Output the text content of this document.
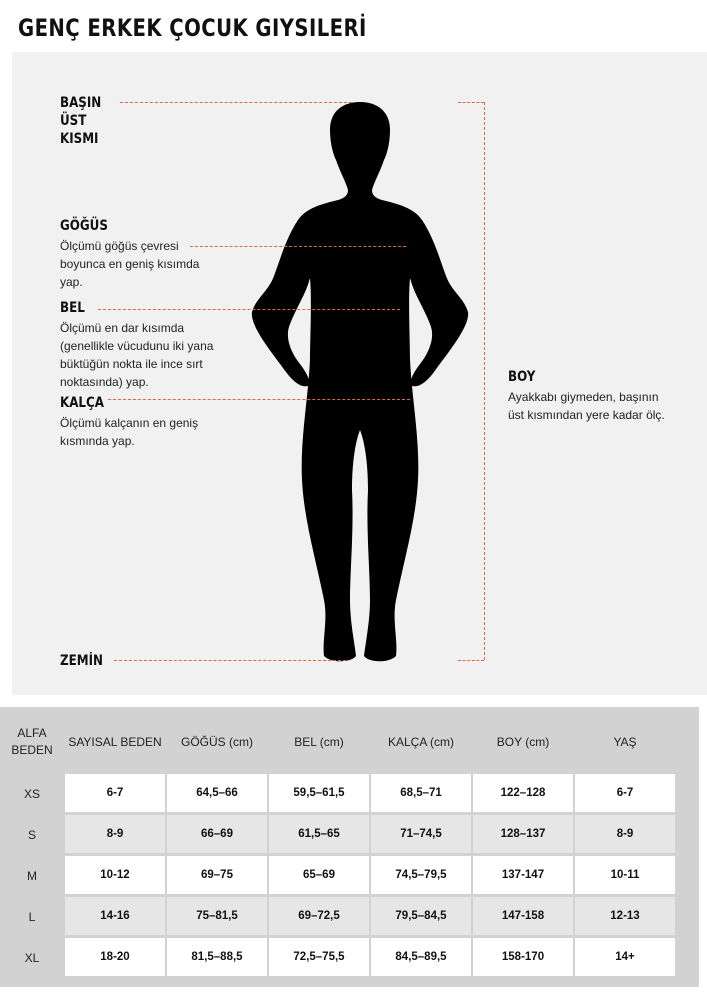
GENÇ ERKEK ÇOCUK GIYSILERİ
BAŞIN
ÜST
KISMI
GÖĞÜS
Ölçümü göğüs çevresi
boyunca en geniş kısımda
yap.
BEL
Ölçümü en dar kısımda
(genellikle vücudunu iki yana
büktüğün nokta ile ince sırt
noktasında) yap.
KALÇA
Ölçümü kalçanın en geniş
kısmında yap.
BOY
Ayakkabı giymeden, başının
üst kısmından yere kadar ölç.
ZEMİN
ALFA
BEDEN
SAYISAL BEDEN	GÖĞÜS (cm)	BEL (cm)	KALÇA (cm)	BOY (cm)	YAŞ
XS	6-7	64,5–66	59,5–61,5	68,5–71	122–128	6-7
S	8-9	66–69	61,5–65	71–74,5	128–137	8-9
M	10-12	69–75	65–69	74,5–79,5	137-147	10-11
L	14-16	75–81,5	69–72,5	79,5–84,5	147-158	12-13
XL	18-20	81,5–88,5	72,5–75,5	84,5–89,5	158-170	14+
